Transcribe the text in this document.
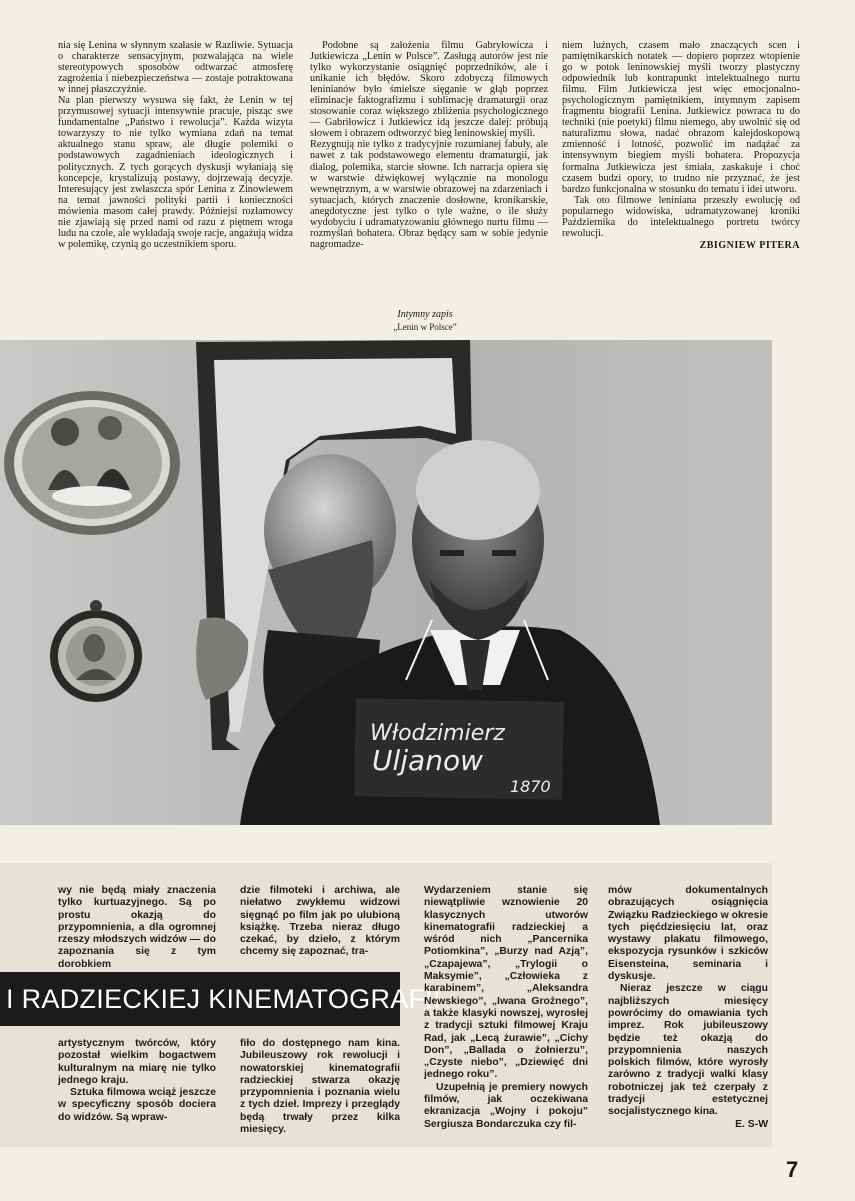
nia się Lenina w słynnym szałasie w Razliwie. Sytuacja o charakterze sensacyjnym, pozwalająca na wiele stereotypowych sposobów odtwarzać atmosferę zagrożenia i niebezpieczeństwa — zostaje potraktowana w innej płaszczyźnie.

Na plan pierwszy wysuwa się fakt, że Lenin w tej przymusowej sytuacji intensywnie pracuje, pisząc swe fundamentalne „Państwo i rewolucja”. Każda wizyta towarzyszy to nie tylko wymiana zdań na temat aktualnego stanu spraw, ale długie polemiki o podstawowych zagadnieniach ideologicznych i politycznych. Z tych gorących dyskusji wyłaniają się koncepcje, krystalizują postawy, dojrzewają decyzje. Interesujący jest zwłaszcza spór Lenina z Zinowiewem na temat jawności polityki partii i konieczności mówienia masom całej prawdy. Późniejsi rozłamowcy nie zjawiają się przed nami od razu z piętnem wroga ludu na czole, ale wykładają swoje racje, angażują widza w polemikę, czynią go uczestnikiem sporu.

Podobne są założenia filmu Gabryłowicza i Jutkiewicza „Lenin w Polsce”. Zasługą autorów jest nie tylko wykorzystanie osiągnięć poprzedników, ale i unikanie ich błędów. Skoro zdobyczą filmowych leninianów było śmielsze sięganie w głąb poprzez eliminacje faktografizmu i sublimację dramaturgii oraz stosowanie coraz większego zbliżenia psychologicznego — Gabriłowicz i Jutkiewicz idą jeszcze dalej: próbują słowem i obrazem odtworzyć bieg leninowskiej myśli.

Rezygnują nie tylko z tradycyjnie rozumianej fabuły, ale nawet z tak podstawowego elementu dramaturgii, jak dialog, polemika, starcie słowne. Ich narracja opiera się w warstwie dźwiękowej wyłącznie na monologu wewnętrznym, a w warstwie obrazowej na zdarzeniach i sytuacjach, których znaczenie dosłowne, kronikarskie, anegdotyczne jest tylko o tyle ważne, o ile służy wydobyciu i udramatyzowaniu głównego nurtu filmu — rozmyślań bohatera. Obraz będący sam w sobie jedynie nagromadze-

niem luźnych, czasem mało znaczących scen i pamiętnikarskich notatek — dopiero poprzez wtopienie go w potok leninowskiej myśli tworzy plastyczny odpowiednik lub kontrapunkt intelektualnego nurtu filmu. Film Jutkiewicza jest więc emocjonalno-psychologicznym pamiętnikiem, intymnym zapisem fragmentu biografii Lenina. Jutkiewicz powraca tu do techniki (nie poetyki) filmu niemego, aby uwolnić się od naturalizmu słowa, nadać obrazom kalejdoskopową zmienność i lotność, pozwolić im nadążać za intensywnym biegiem myśli bohatera. Propozycja formalna Jutkiewicza jest śmiała, zaskakuje i choć czasem budzi opory, to trudno nie przyznać, że jest bardzo funkcjonalna w stosunku do tematu i idei utworu.

Tak oto filmowe leniniana przeszły ewolucję od popularnego widowiska, udramatyzowanej kroniki Października do intelektualnego portretu twórcy rewolucji.

ZBIGNIEW PITERA
Intymny zapis
„Lenin w Polsce”
Włodzimierz
Uljanow
1870

wy nie będą miały znaczenia tylko kurtuazyjnego. Są po prostu okazją do przypomnienia, a dla ogromnej rzeszy młodszych widzów — do zapoznania się z tym dorobkiem

dzie filmoteki i archiwa, ale niełatwo zwykłemu widzowi sięgnąć po film jak po ulubioną książkę. Trzeba nieraz długo czekać, by dzieło, z którym chcemy się zapoznać, tra-

I RADZIECKIEJ KINEMATOGRAFII

artystycznym twórców, który pozostał wielkim bogactwem kulturalnym na miarę nie tylko jednego kraju.

Sztuka filmowa wciąż jeszcze w specyficzny sposób dociera do widzów. Są wpraw-

fiło do dostępnego nam kina. Jubileuszowy rok rewolucji i nowatorskiej kinematografii radzieckiej stwarza okazję przypomnienia i poznania wielu z tych dzieł. Imprezy i przeglądy będą trwały przez kilka miesięcy.

Wydarzeniem stanie się niewątpliwie wznowienie 20 klasycznych utworów kinematografii radzieckiej a wśród nich „Pancernika Potiomkina”, „Burzy nad Azją”, „Czapajewa”, „Trylogii o Maksymie”, „Człowieka z karabinem”, „Aleksandra Newskiego”, „Iwana Groźnego”, a także klasyki nowszej, wyrosłej z tradycji sztuki filmowej Kraju Rad, jak „Lecą żurawie”, „Cichy Don”, „Ballada o żołnierzu”, „Czyste niebo”, „Dziewięć dni jednego roku”.

Uzupełnią je premiery nowych filmów, jak oczekiwana ekranizacja „Wojny i pokoju” Sergiusza Bondarczuka czy fil-

mów dokumentalnych obrazujących osiągnięcia Związku Radzieckiego w okresie tych pięćdziesięciu lat, oraz wystawy plakatu filmowego, ekspozycja rysunków i szkiców Eisensteina, seminaria i dyskusje.

Nieraz jeszcze w ciągu najbliższych miesięcy powrócimy do omawiania tych imprez. Rok jubileuszowy będzie też okazją do przypomnienia naszych polskich filmów, które wyrosły zarówno z tradycji walki klasy robotniczej jak też czerpały z tradycji estetycznej socjalistycznego kina.

E. S-W

7
